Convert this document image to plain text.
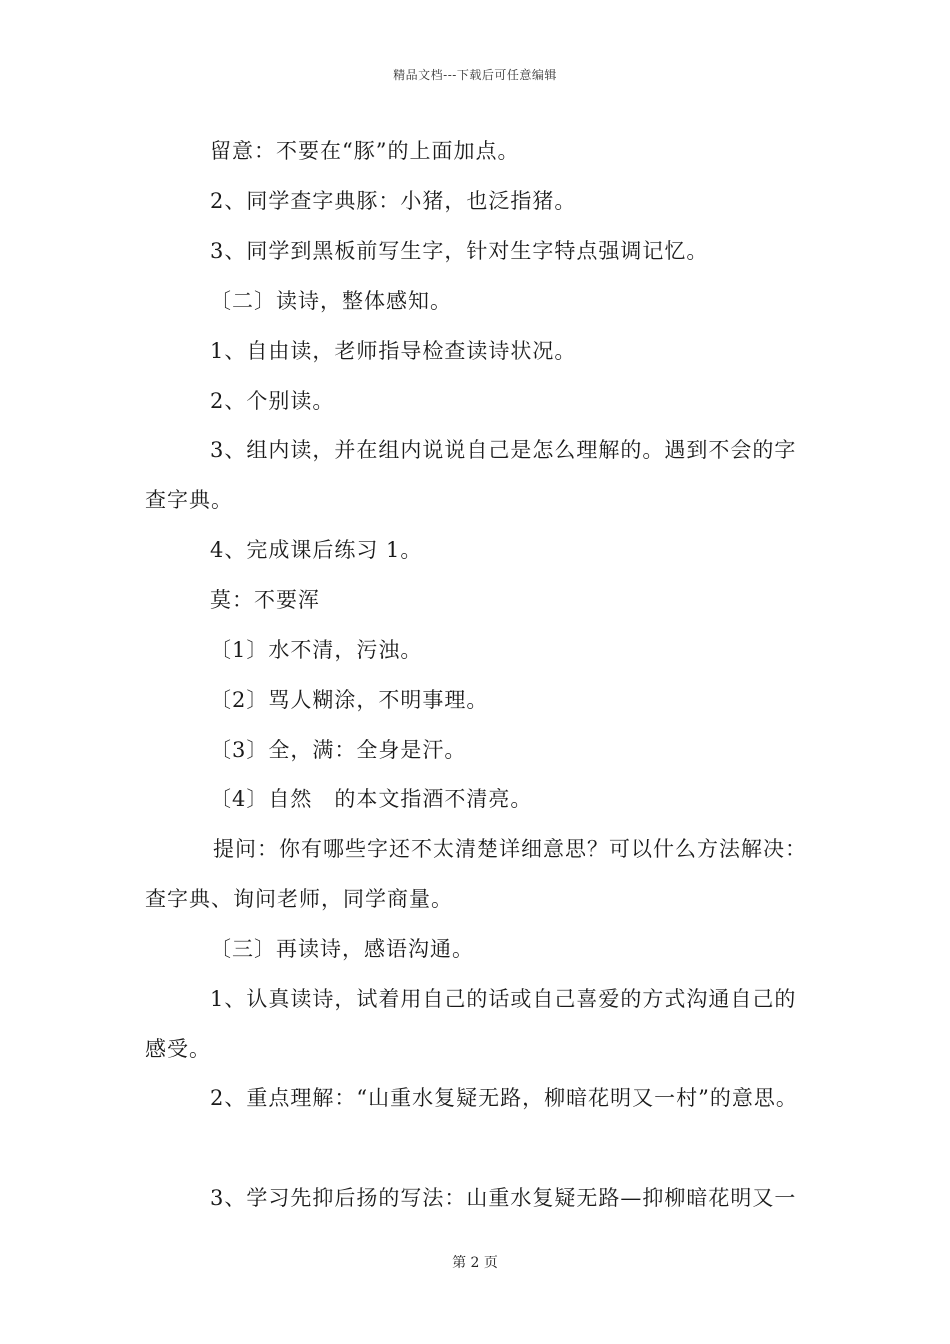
精品文档---下载后可任意编辑
留意：不要在“豚”的上面加点。
2、同学查字典豚：小猪，也泛指猪。
3、同学到黑板前写生字，针对生字特点强调记忆。
〔二〕读诗，整体感知。
1、自由读，老师指导检查读诗状况。
2、个别读。
3、组内读，并在组内说说自己是怎么理解的。遇到不会的字
查字典。
4、完成课后练习 1。
莫：不要浑
〔1〕水不清，污浊。
〔2〕骂人糊涂，不明事理。
〔3〕全，满：全身是汗。
〔4〕自然　的本文指酒不清亮。
提问：你有哪些字还不太清楚详细意思？可以什么方法解决：
查字典、询问老师，同学商量。
〔三〕再读诗，感语沟通。
1、认真读诗，试着用自己的话或自己喜爱的方式沟通自己的
感受。
2、重点理解：“山重水复疑无路，柳暗花明又一村”的意思。
3、学习先抑后扬的写法：山重水复疑无路—抑柳暗花明又一
第 2 页
